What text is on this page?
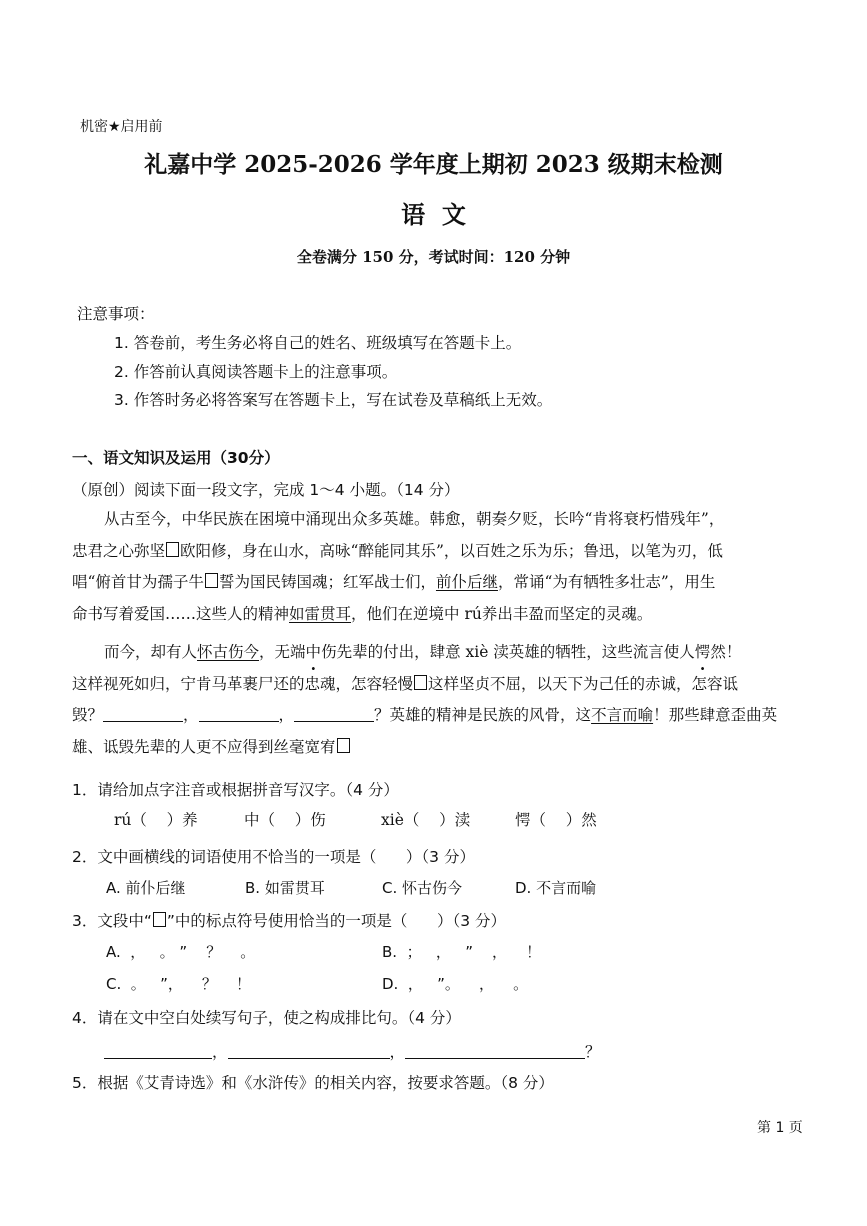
机密★启用前
礼嘉中学 2025-2026 学年度上期初 2023 级期末检测
语  文
全卷满分 150 分，考试时间：120 分钟
注意事项：
1. 答卷前，考生务必将自己的姓名、班级填写在答题卡上。
2. 作答前认真阅读答题卡上的注意事项。
3. 作答时务必将答案写在答题卡上，写在试卷及草稿纸上无效。
一、语文知识及运用（30分）
（原创）阅读下面一段文字，完成 1～4 小题。（14 分）
从古至今，中华民族在困境中涌现出众多英雄。韩愈，朝奏夕贬，长吟“肯将衰朽惜残年”，
忠君之心弥坚 欧阳修，身在山水，高咏“醉能同其乐”，以百姓之乐为乐；鲁迅，以笔为刃，低
唱“俯首甘为孺子牛 誓为国民铸国魂；红军战士们，前仆后继，常诵“为有牺牲多壮志”，用生
命书写着爱国……这些人的精神如雷贯耳，他们在逆境中 rú养出丰盈而坚定的灵魂。
而今，却有人怀古伤今，无端中伤先辈的付出，肆意 xiè 渎英雄的牺牲，这些流言使人愕然！
这样视死如归，宁肯马革裹尸还的忠魂，怎容轻慢 这样坚贞不屈，以天下为己任的赤诚，怎容诋
毁？	，	，	？英雄的精神是民族的风骨，这不言而喻！那些肆意歪曲英
雄、诋毁先辈的人更不应得到丝毫宽宥
1．请给加点字注音或根据拼音写汉字。（4 分）
rú（    ）养	中（    ）伤	xiè（    ）渎	愕（    ）然
2．文中画横线的词语使用不恰当的一项是（      ）（3 分）
A. 前仆后继	B. 如雷贯耳	C. 怀古伤今	D. 不言而喻
3．文段中“ ”中的标点符号使用恰当的一项是（      ）（3 分）
A.  ，   。 ”    ？    。	B.  ；   ，   ”    ，    ！
C.  。   ”，    ？    ！	D.  ，   ”。    ，    。
4．请在文中空白处续写句子，使之构成排比句。（4 分）
，	，	？
5．根据《艾青诗选》和《水浒传》的相关内容，按要求答题。（8 分）
第 1 页
